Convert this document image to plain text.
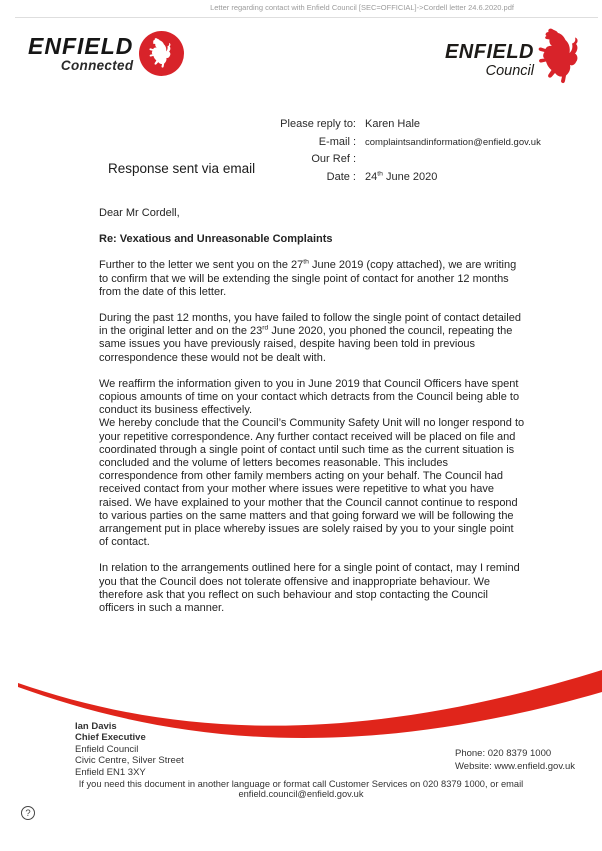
Letter regarding contact with Enfield Council [SEC=OFFICIAL]->Cordell letter 24.6.2020.pdf
ENFIELD
Connected
ENFIELD
Council
Please reply to: Karen Hale
E-mail : complaintsandinformation@enfield.gov.uk
Our Ref :
Date : 24th June 2020
Response sent via email

Dear Mr Cordell,

Re: Vexatious and Unreasonable Complaints

Further to the letter we sent you on the 27th June 2019 (copy attached), we are writing to confirm that we will be extending the single point of contact for another 12 months from the date of this letter.

During the past 12 months, you have failed to follow the single point of contact detailed in the original letter and on the 23rd June 2020, you phoned the council, repeating the same issues you have previously raised, despite having been told in previous correspondence these would not be dealt with.

We reaffirm the information given to you in June 2019 that Council Officers have spent copious amounts of time on your contact which detracts from the Council being able to conduct its business effectively.

We hereby conclude that the Council’s Community Safety Unit will no longer respond to your repetitive correspondence. Any further contact received will be placed on file and coordinated through a single point of contact until such time as the current situation is concluded and the volume of letters becomes reasonable. This includes correspondence from other family members acting on your behalf. The Council had received contact from your mother where issues were repetitive to what you have raised. We have explained to your mother that the Council cannot continue to respond to various parties on the same matters and that going forward we will be following the arrangement put in place whereby issues are solely raised by you to your single point of contact.

In relation to the arrangements outlined here for a single point of contact, may I remind you that the Council does not tolerate offensive and inappropriate behaviour. We therefore ask that you reflect on such behaviour and stop contacting the Council officers in such a manner.

Ian Davis
Chief Executive
Enfield Council
Civic Centre, Silver Street
Enfield EN1 3XY
Phone: 020 8379 1000
Website: www.enfield.gov.uk
If you need this document in another language or format call Customer Services on 020 8379 1000, or email enfield.council@enfield.gov.uk
?
